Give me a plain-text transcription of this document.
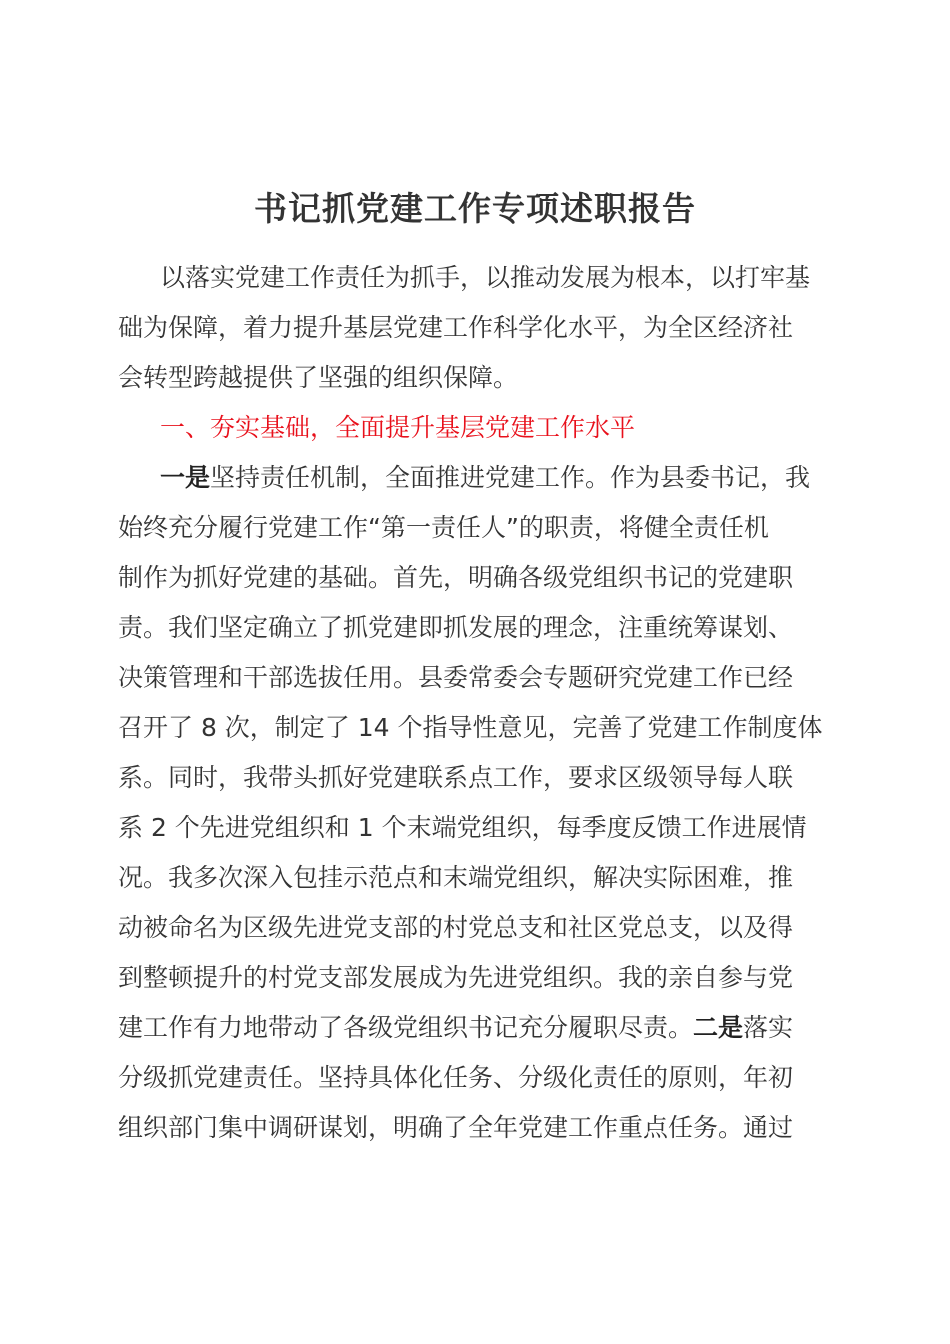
书记抓党建工作专项述职报告
以落实党建工作责任为抓手，以推动发展为根本，以打牢基
础为保障，着力提升基层党建工作科学化水平，为全区经济社
会转型跨越提供了坚强的组织保障。
一、夯实基础，全面提升基层党建工作水平
一是坚持责任机制，全面推进党建工作。作为县委书记，我
始终充分履行党建工作“第一责任人”的职责，将健全责任机
制作为抓好党建的基础。首先，明确各级党组织书记的党建职
责。我们坚定确立了抓党建即抓发展的理念，注重统筹谋划、
决策管理和干部选拔任用。县委常委会专题研究党建工作已经
召开了 8 次，制定了 14 个指导性意见，完善了党建工作制度体
系。同时，我带头抓好党建联系点工作，要求区级领导每人联
系 2 个先进党组织和 1 个末端党组织，每季度反馈工作进展情
况。我多次深入包挂示范点和末端党组织，解决实际困难，推
动被命名为区级先进党支部的村党总支和社区党总支，以及得
到整顿提升的村党支部发展成为先进党组织。我的亲自参与党
建工作有力地带动了各级党组织书记充分履职尽责。二是落实
分级抓党建责任。坚持具体化任务、分级化责任的原则，年初
组织部门集中调研谋划，明确了全年党建工作重点任务。通过
